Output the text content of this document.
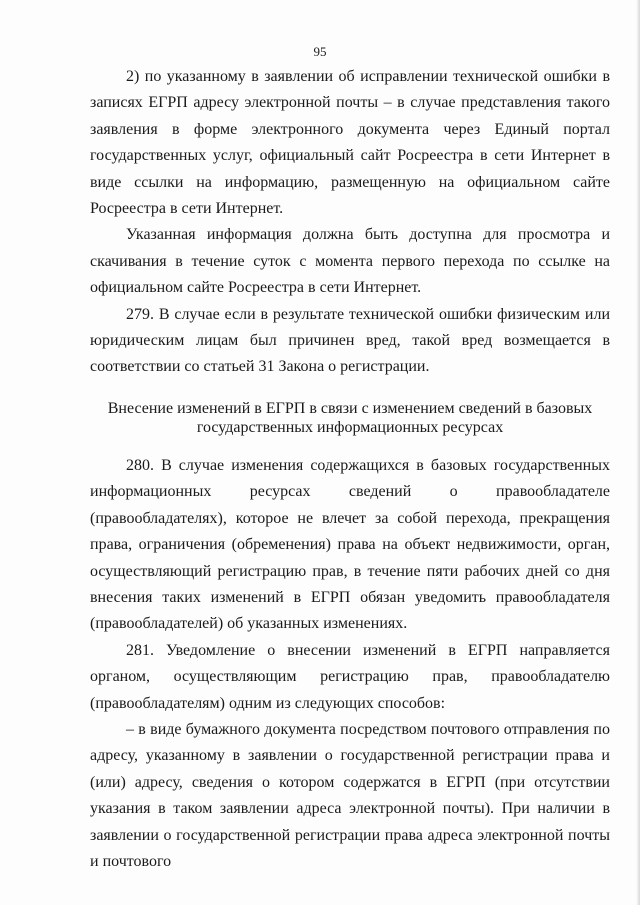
95

2) по указанному в заявлении об исправлении технической ошибки в записях ЕГРП адресу электронной почты – в случае представления такого заявления в форме электронного документа через Единый портал государственных услуг, официальный сайт Росреестра в сети Интернет в виде ссылки на информацию, размещенную на официальном сайте Росреестра в сети Интернет.

Указанная информация должна быть доступна для просмотра и скачивания в течение суток с момента первого перехода по ссылке на официальном сайте Росреестра в сети Интернет.

279. В случае если в результате технической ошибки физическим или юридическим лицам был причинен вред, такой вред возмещается в соответствии со статьей 31 Закона о регистрации.

Внесение изменений в ЕГРП в связи с изменением сведений в базовых государственных информационных ресурсах

280. В случае изменения содержащихся в базовых государственных информационных ресурсах сведений о правообладателе (правообладателях), которое не влечет за собой перехода, прекращения права, ограничения (обременения) права на объект недвижимости, орган, осуществляющий регистрацию прав, в течение пяти рабочих дней со дня внесения таких изменений в ЕГРП обязан уведомить правообладателя (правообладателей) об указанных изменениях.

281. Уведомление о внесении изменений в ЕГРП направляется органом, осуществляющим регистрацию прав, правообладателю (правообладателям) одним из следующих способов:

– в виде бумажного документа посредством почтового отправления по адресу, указанному в заявлении о государственной регистрации права и (или) адресу, сведения о котором содержатся в ЕГРП (при отсутствии указания в таком заявлении адреса электронной почты). При наличии в заявлении о государственной регистрации права адреса электронной почты и почтового
